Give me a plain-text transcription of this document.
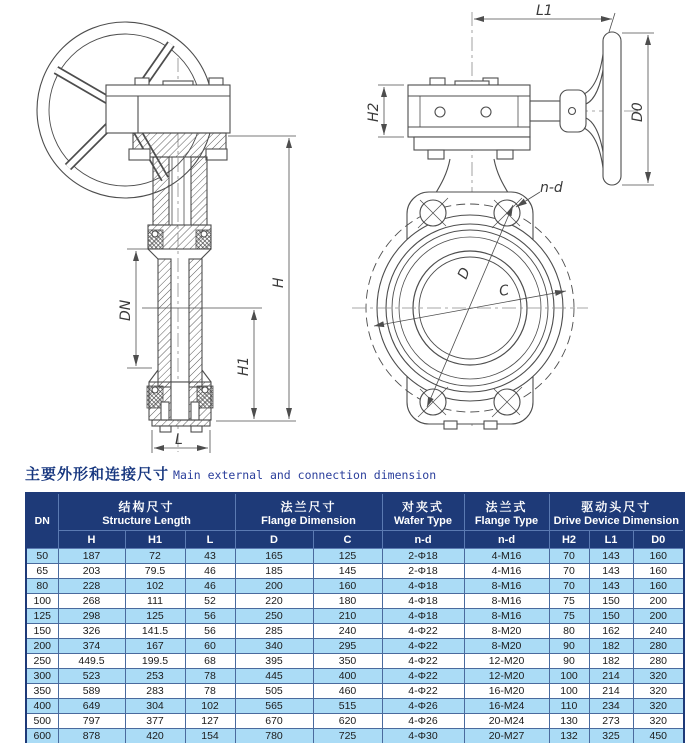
H
H1
DN
L
L1
H2	D0
D
C
n-d
主要外形和连接尺寸 Main external and connection dimension
DN	
结构尺寸
Structure Length

法兰尺寸
Flange Dimension

对夹式
Wafer Type

法兰式
Flange Type

驱动头尺寸
Drive Device Dimension

	H	H1	L	D	C	n-d	n-d	H2	L1	D0
50	187	72	43	165	125	2-Φ18	4-M16	70	143	160
65	203	79.5	46	185	145	2-Φ18	4-M16	70	143	160
80	228	102	46	200	160	4-Φ18	8-M16	70	143	160
100	268	111	52	220	180	4-Φ18	8-M16	75	150	200
125	298	125	56	250	210	4-Φ18	8-M16	75	150	200
150	326	141.5	56	285	240	4-Φ22	8-M20	80	162	240
200	374	167	60	340	295	4-Φ22	8-M20	90	182	280
250	449.5	199.5	68	395	350	4-Φ22	12-M20	90	182	280
300	523	253	78	445	400	4-Φ22	12-M20	100	214	320
350	589	283	78	505	460	4-Φ22	16-M20	100	214	320
400	649	304	102	565	515	4-Φ26	16-M24	110	234	320
500	797	377	127	670	620	4-Φ26	20-M24	130	273	320
600	878	420	154	780	725	4-Φ30	20-M27	132	325	450
